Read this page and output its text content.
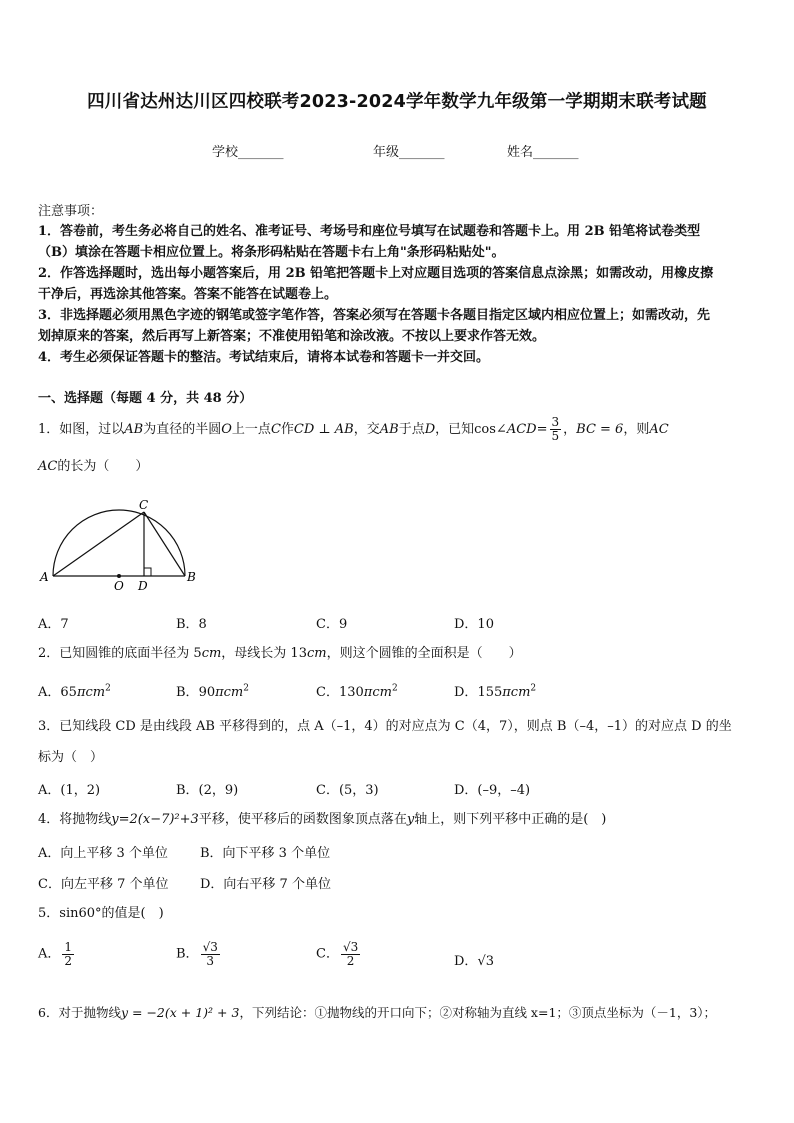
四川省达州达川区四校联考2023-2024学年数学九年级第一学期期末联考试题
学校_______	年级_______	姓名_______
注意事项：
1．答卷前，考生务必将自己的姓名、准考证号、考场号和座位号填写在试题卷和答题卡上。用 2B 铅笔将试卷类型
（B）填涂在答题卡相应位置上。将条形码粘贴在答题卡右上角"条形码粘贴处"。
2．作答选择题时，选出每小题答案后，用 2B 铅笔把答题卡上对应题目选项的答案信息点涂黑；如需改动，用橡皮擦
干净后，再选涂其他答案。答案不能答在试题卷上。
3．非选择题必须用黑色字迹的钢笔或签字笔作答，答案必须写在答题卡各题目指定区域内相应位置上；如需改动，先
划掉原来的答案，然后再写上新答案；不准使用铅笔和涂改液。不按以上要求作答无效。
4．考生必须保证答题卡的整洁。考试结束后，请将本试卷和答题卡一并交回。
一、选择题（每题 4 分，共 48 分）
1．如图，过以AB为直径的半圆O上一点C作CD ⊥ AB，交AB于点D，已知cos∠ACD= $\frac{3}{5}$ ，BC = 6，则AC
AC的长为（　　）
A	B
C
O D
A．7	B．8	C．9	D．10
2．已知圆锥的底面半径为 5cm，母线长为 13cm，则这个圆锥的全面积是（　　）
A．65πcm$^2$	B．90πcm$^2$	C．130πcm$^2$	D．155πcm$^2$
3．已知线段 CD 是由线段 AB 平移得到的，点 A（–1，4）的对应点为 C（4，7），则点 B（–4，–1）的对应点 D 的坐
标为（　）
A．(1，2)	B．(2，9)	C．(5，3)	D．(–9，–4)
4．将抛物线y=2(x−7)²+3平移，使平移后的函数图象顶点落在y轴上，则下列平移中正确的是(　)
A．向上平移 3 个单位 B．向下平移 3 个单位
C．向左平移 7 个单位 D．向右平移 7 个单位
5．sin60°的值是(　)
A． $\frac{1}{2}$	B． $\frac{√3}{3}$	C． $\frac{√3}{2}$	D．√3
6．对于抛物线y = −2(x + 1)² + 3，下列结论：①抛物线的开口向下；②对称轴为直线 x=1；③顶点坐标为（－1，3）；
